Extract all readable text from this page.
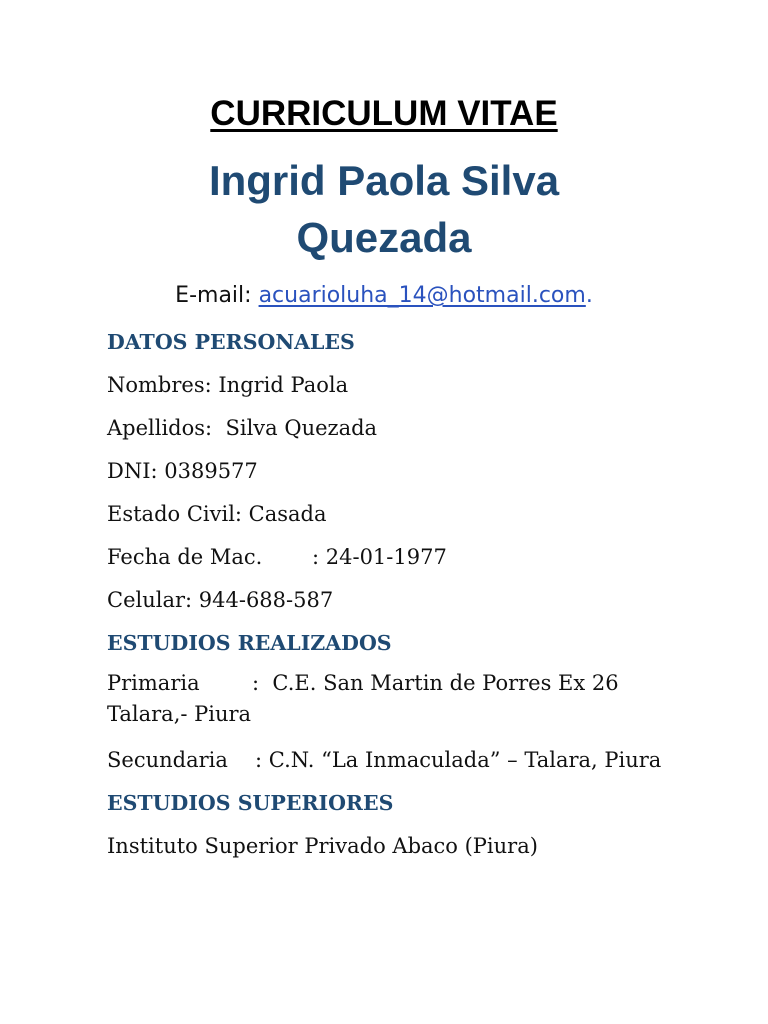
CURRICULUM VITAE
Ingrid Paola Silva
Quezada

E-mail: acuarioluha_14@hotmail.com.

DATOS PERSONALES

Nombres: Ingrid Paola

Apellidos:  Silva Quezada

DNI: 0389577

Estado Civil: Casada

Fecha de Mac. : 24-01-1977

Celular: 944-688-587

ESTUDIOS REALIZADOS

Primaria :  C.E. San Martin de Porres Ex 26
Talara,- Piura

Secundaria : C.N. “La Inmaculada” – Talara, Piura

ESTUDIOS SUPERIORES

Instituto Superior Privado Abaco (Piura)
